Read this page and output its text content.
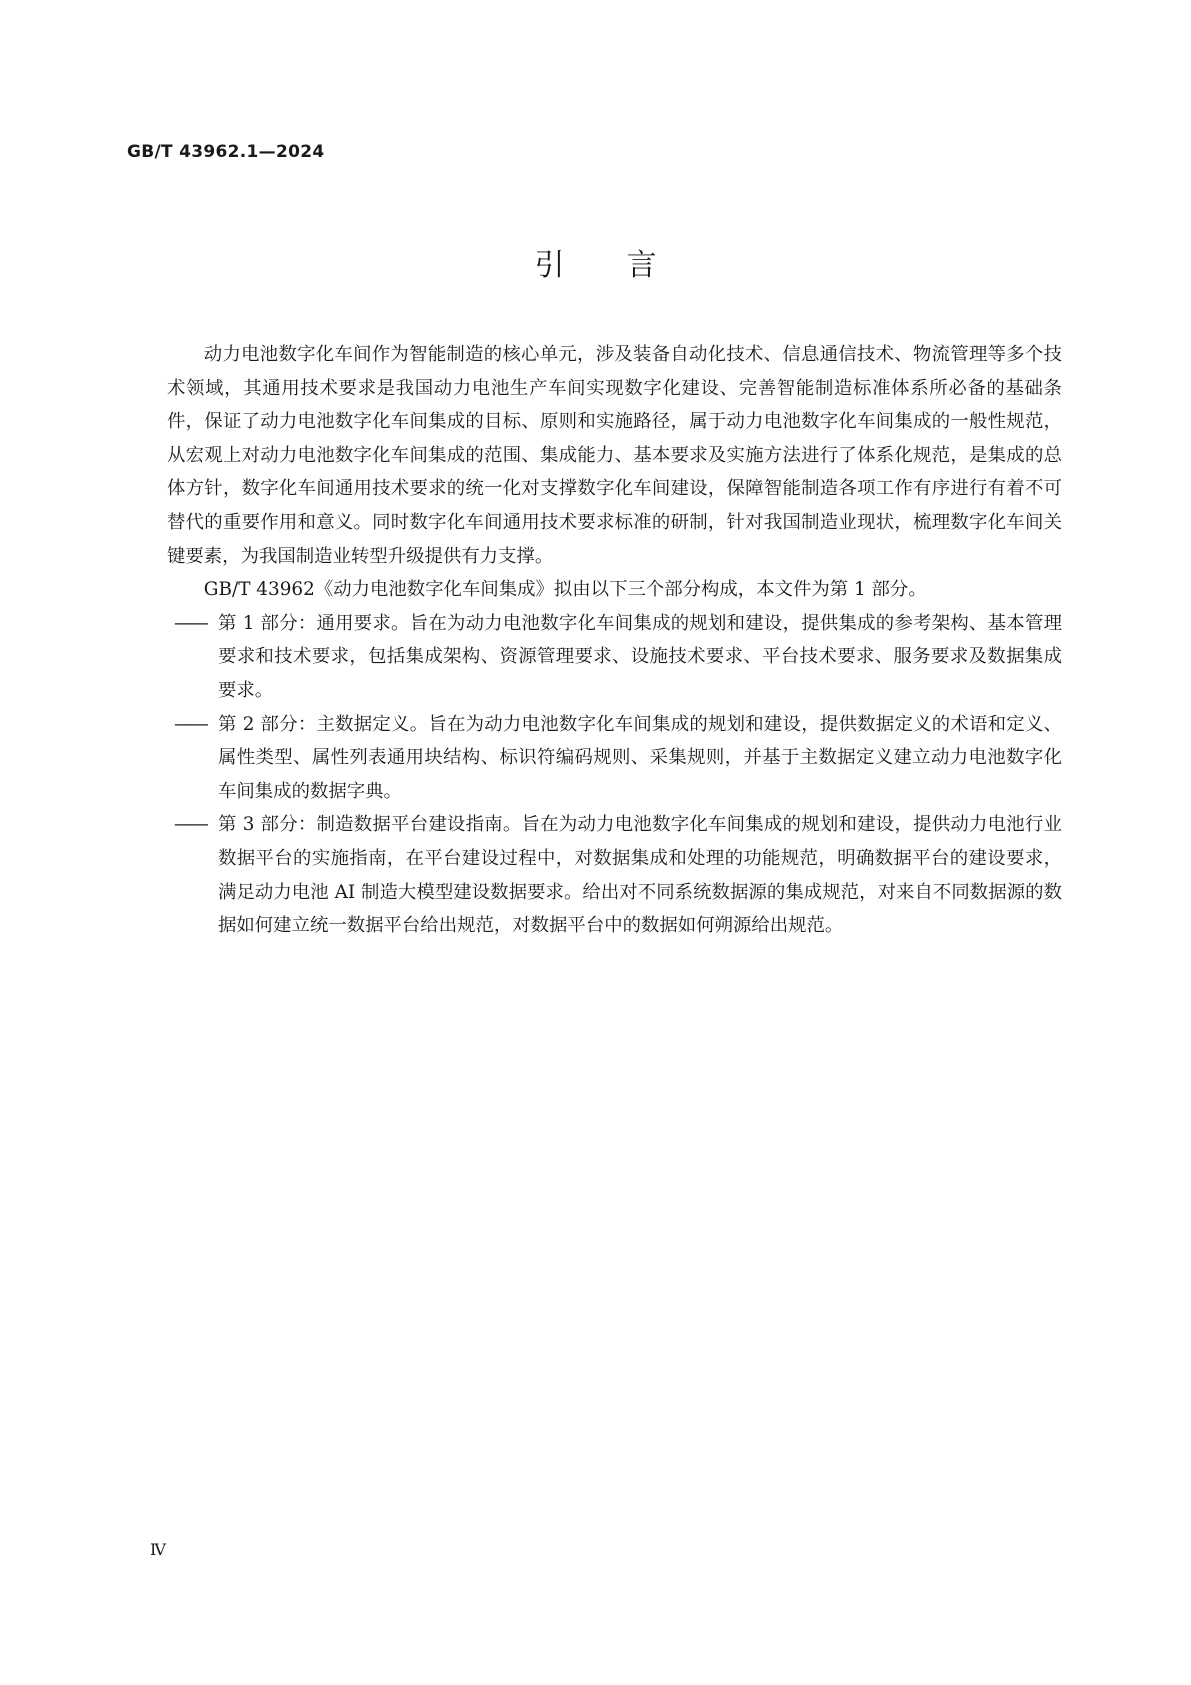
GB/T 43962.1—2024
引言

动力电池数字化车间作为智能制造的核心单元，涉及装备自动化技术、信息通信技术、物流管理等多个技术领域，其通用技术要求是我国动力电池生产车间实现数字化建设、完善智能制造标准体系所必备的基础条件，保证了动力电池数字化车间集成的目标、原则和实施路径，属于动力电池数字化车间集成的一般性规范，从宏观上对动力电池数字化车间集成的范围、集成能力、基本要求及实施方法进行了体系化规范，是集成的总体方针，数字化车间通用技术要求的统一化对支撑数字化车间建设，保障智能制造各项工作有序进行有着不可替代的重要作用和意义。同时数字化车间通用技术要求标准的研制，针对我国制造业现状，梳理数字化车间关键要素，为我国制造业转型升级提供有力支撑。

GB/T 43962《动力电池数字化车间集成》拟由以下三个部分构成，本文件为第 1 部分。

—— 第 1 部分：通用要求。旨在为动力电池数字化车间集成的规划和建设，提供集成的参考架构、基本管理要求和技术要求，包括集成架构、资源管理要求、设施技术要求、平台技术要求、服务要求及数据集成要求。
—— 第 2 部分：主数据定义。旨在为动力电池数字化车间集成的规划和建设，提供数据定义的术语和定义、属性类型、属性列表通用块结构、标识符编码规则、采集规则，并基于主数据定义建立动力电池数字化车间集成的数据字典。
—— 第 3 部分：制造数据平台建设指南。旨在为动力电池数字化车间集成的规划和建设，提供动力电池行业数据平台的实施指南，在平台建设过程中，对数据集成和处理的功能规范，明确数据平台的建设要求，满足动力电池 AI 制造大模型建设数据要求。给出对不同系统数据源的集成规范，对来自不同数据源的数据如何建立统一数据平台给出规范，对数据平台中的数据如何朔源给出规范。
Ⅳ
